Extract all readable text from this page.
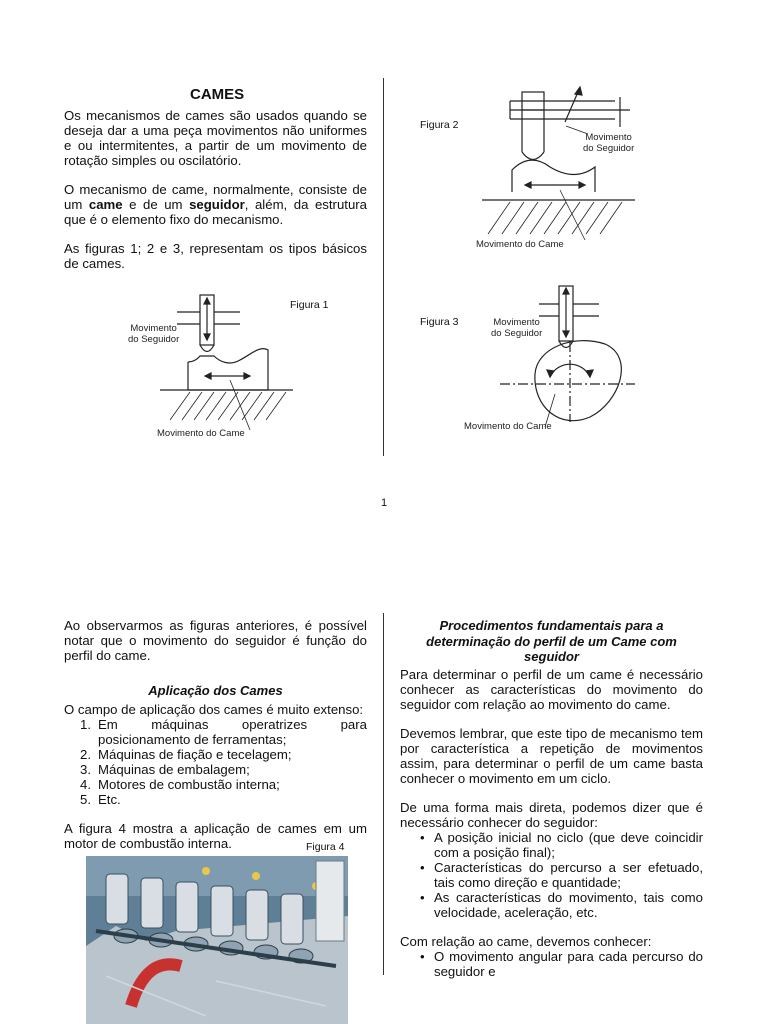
CAMES

Os mecanismos de cames são usados quando se deseja dar a uma peça movimentos não uniformes e ou intermitentes, a partir de um movimento de rotação simples ou oscilatório.

O mecanismo de came, normalmente, consiste de um came e de um seguidor, além, da estrutura que é o elemento fixo do mecanismo.

As figuras 1; 2 e 3, representam os tipos básicos de cames.

Figura 1
Movimento
do Seguidor
Movimento do Came
Figura 2
Movimento
do Seguidor
Movimento do Came
Figura 3	Movimento
do Seguidor
Movimento do Came
1

Ao observarmos as figuras anteriores, é possível notar que o movimento do seguidor é função do perfil do came.

Aplicação dos Cames
O campo de aplicação dos cames é muito extenso:
1. Em máquinas operatrizes para posicionamento de ferramentas;
2. Máquinas de fiação e tecelagem;
3. Máquinas de embalagem;
4. Motores de combustão interna;
5. Etc.

A figura 4 mostra a aplicação de cames em um motor de combustão interna.	Figura 4
Procedimentos fundamentais para a
determinação do perfil de um Came com
seguidor

Para determinar o perfil de um came é necessário conhecer as características do movimento do seguidor com relação ao movimento do came.

Devemos lembrar, que este tipo de mecanismo tem por característica a repetição de movimentos assim, para determinar o perfil de um came basta conhecer o movimento em um ciclo.

De uma forma mais direta, podemos dizer que é necessário conhecer do seguidor:
• A posição inicial no ciclo (que deve coincidir com a posição final);
• Características do percurso a ser efetuado, tais como direção e quantidade;
• As características do movimento, tais como velocidade, aceleração, etc.
Com relação ao came, devemos conhecer:
• O movimento angular para cada percurso do seguidor e
